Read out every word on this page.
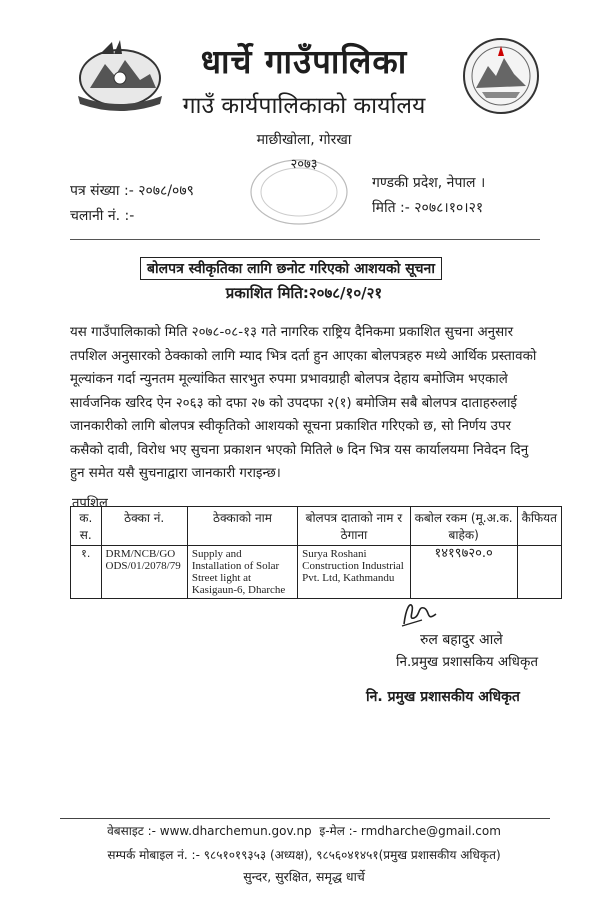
धार्चे गाउँपालिका
गाउँ कार्यपालिकाको कार्यालय
माछीखोला, गोरखा
२०७३
पत्र संख्या :- २०७८/०७९
चलानी नं. :-
गण्डकी प्रदेश, नेपाल ।
मिति :- २०७८।१०।२१
बोलपत्र स्वीकृतिका लागि छनोट गरिएको आशयको सूचना
प्रकाशित मिति:२०७८/१०/२१
यस गाउँपालिकाको मिति २०७८-०८-१३ गते नागरिक राष्ट्रिय दैनिकमा प्रकाशित सुचना अनुसार
तपशिल अनुसारको ठेक्काको लागि म्याद भित्र दर्ता हुन आएका बोलपत्रहरु मध्ये आर्थिक प्रस्तावको
मूल्यांकन गर्दा न्युनतम मूल्यांकित सारभुत रुपमा प्रभावग्राही बोलपत्र देहाय बमोजिम भएकाले
सार्वजनिक खरिद ऐन २०६३ को दफा २७ को उपदफा २(१) बमोजिम सबै बोलपत्र दाताहरुलाई
जानकारीको लागि बोलपत्र स्वीकृतिको आशयको सूचना प्रकाशित गरिएको छ, सो निर्णय उपर
कसैको दावी, विरोध भए सुचना प्रकाशन भएको मितिले ७ दिन भित्र यस कार्यालयमा निवेदन दिनु
हुन समेत यसै सुचनाद्वारा जानकारी गराइन्छ।
तपशिल
क. स.	ठेक्का नं.	ठेक्काको नाम	बोलपत्र दाताको नाम र ठेगाना	कबोल रकम (मू.अ.क. बाहेक)	कैफियत
१.	DRM/NCB/GOODS/01/2078/79	Supply and Installation of Solar Street light at Kasigaun-6, Dharche	Surya Roshani Construction Industrial Pvt. Ltd, Kathmandu	१४१९७२०.०	
रुल बहादुर आले
नि.प्रमुख प्रशासकिय अधिकृत
नि. प्रमुख प्रशासकीय अधिकृत
वेबसाइट :- www.dharchemun.gov.np इ-मेल :- rmdharche@gmail.com
सम्पर्क मोबाइल नं. :- ९८५१०१९३५३ (अध्यक्ष), ९८५६०४१४५१(प्रमुख प्रशासकीय अधिकृत)
सुन्दर, सुरक्षित, समृद्ध धार्चे
